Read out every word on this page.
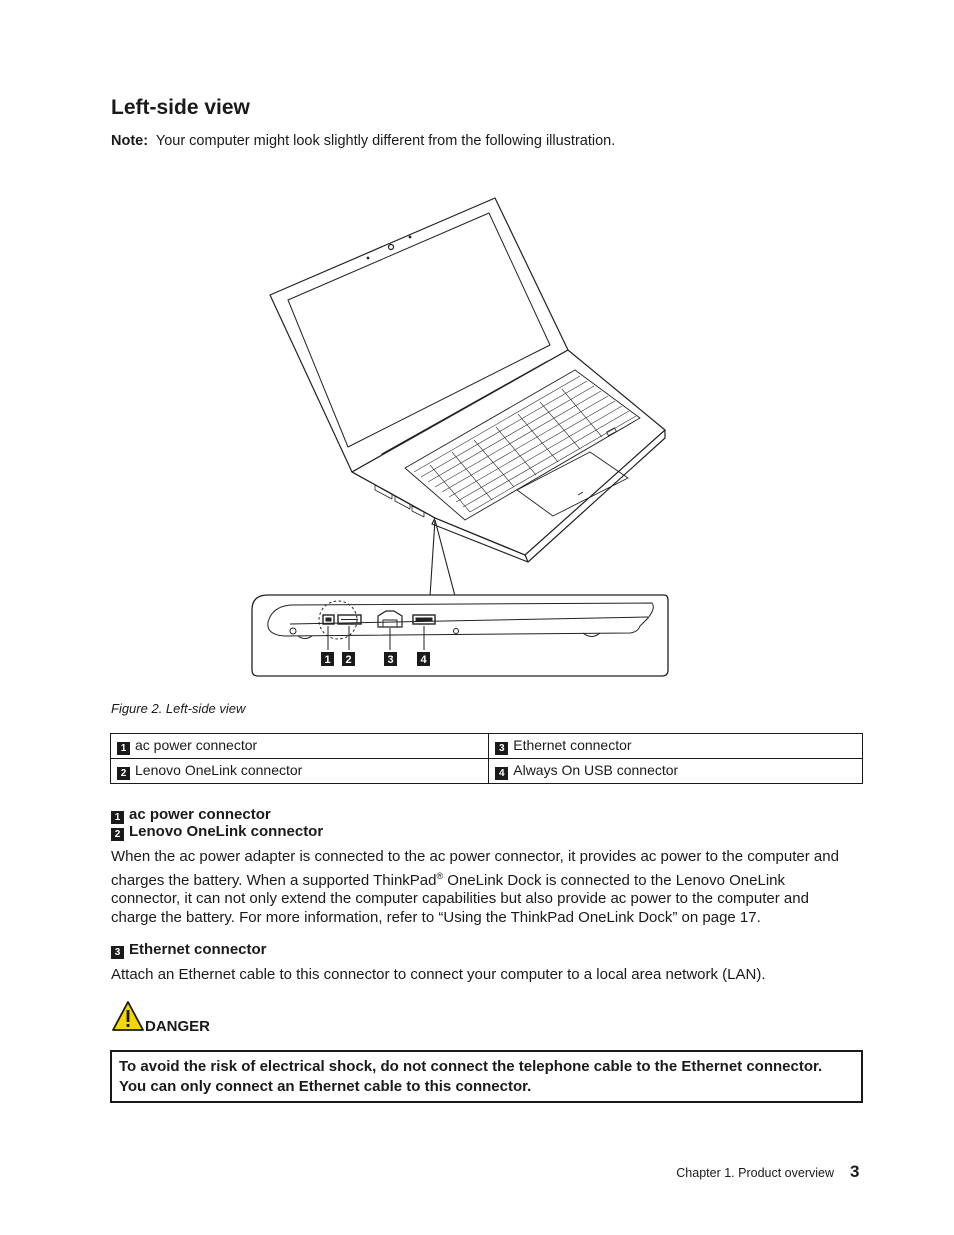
Left-side view
Note: Your computer might look slightly different from the following illustration.
1 2	3 4
Figure 2. Left-side view
1 ac power connector	3 Ethernet connector
2 Lenovo OneLink connector	4 Always On USB connector
1 ac power connector
2 Lenovo OneLink connector

When the ac power adapter is connected to the ac power connector, it provides ac power to the computer and charges the battery. When a supported ThinkPad® OneLink Dock is connected to the Lenovo OneLink connector, it can not only extend the computer capabilities but also provide ac power to the computer and charge the battery. For more information, refer to “Using the ThinkPad OneLink Dock” on page 17.

3 Ethernet connector

Attach an Ethernet cable to this connector to connect your computer to a local area network (LAN).

DANGER
To avoid the risk of electrical shock, do not connect the telephone cable to the Ethernet connector.
You can only connect an Ethernet cable to this connector.
Chapter 1. Product overview 3
